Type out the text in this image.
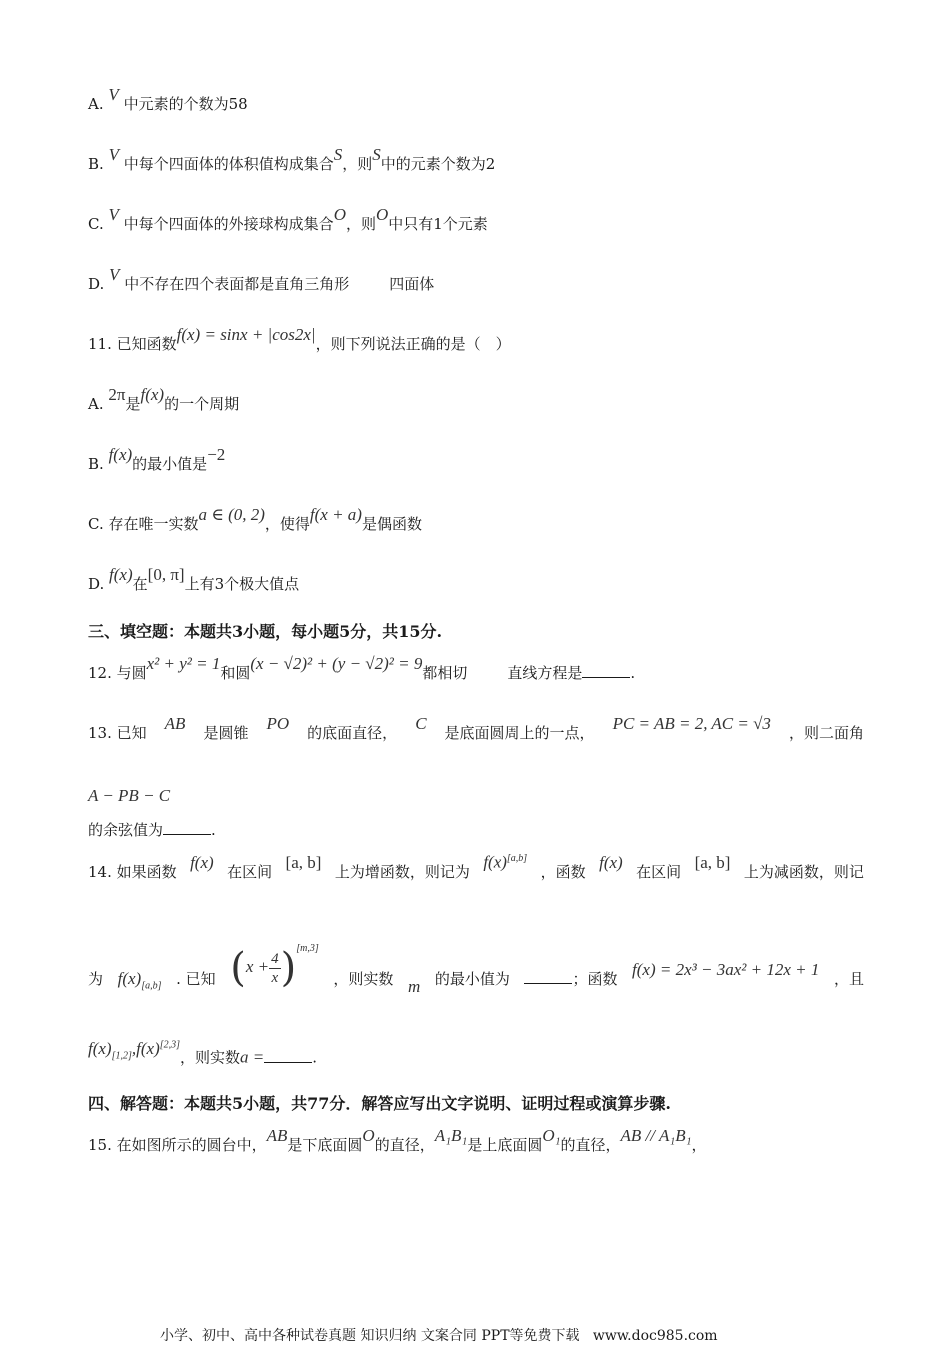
A. V 中元素的个数为58
B. V 中每个四面体的体积值构成集合S，则S中的元素个数为2
C. V 中每个四面体的外接球构成集合O，则O中只有1个元素
D. V 中不存在四个表面都是直角三角形	四面体
11. 已知函数f(x) = sinx + |cos2x|，则下列说法正确的是（　）
A. 2π是f(x)的一个周期
B. f(x)的最小值是−2
C. 存在唯一实数a ∈ (0, 2)，使得f(x + a)是偶函数
D. f(x)在[0, π]上有3个极大值点
三、填空题：本题共3小题，每小题5分，共15分.
12. 与圆x² + y² = 1和圆(x − √2)² + (y − √2)² = 9都相切	直线方程是	.
13. 已知 AB 是圆锥 PO 的底面直径， C 是底面圆周上的一点， PC = AB = 2, AC = √3 ，则二面角
A − PB − C
的余弦值为	.
14. 如果函数 f(x) 在区间 [a, b] 上为增函数，则记为 f(x)[a,b]
，函数 f(x) 在区间 [a, b] 上为减函数，则记
为 $f(x)_{[a,b]}$ . 已知 $(x + \frac{4}{x} )[m,3]$
，则实数 m 的最小值为	；函数 f(x) = 2x³ − 3ax² + 12x + 1 ，且
$f(x)_{[1,2]},f(x)[2,3]$，则实数a =	.
四、解答题：本题共5小题，共77分．解答应写出文字说明、证明过程或演算步骤.
15. 在如图所示的圆台中，AB是下底面圆O的直径，A₁B₁是上底面圆O₁的直径，AB // A₁B₁，
小学、初中、高中各种试卷真题 知识归纳 文案合同 PPT等免费下载 www.doc985.com
